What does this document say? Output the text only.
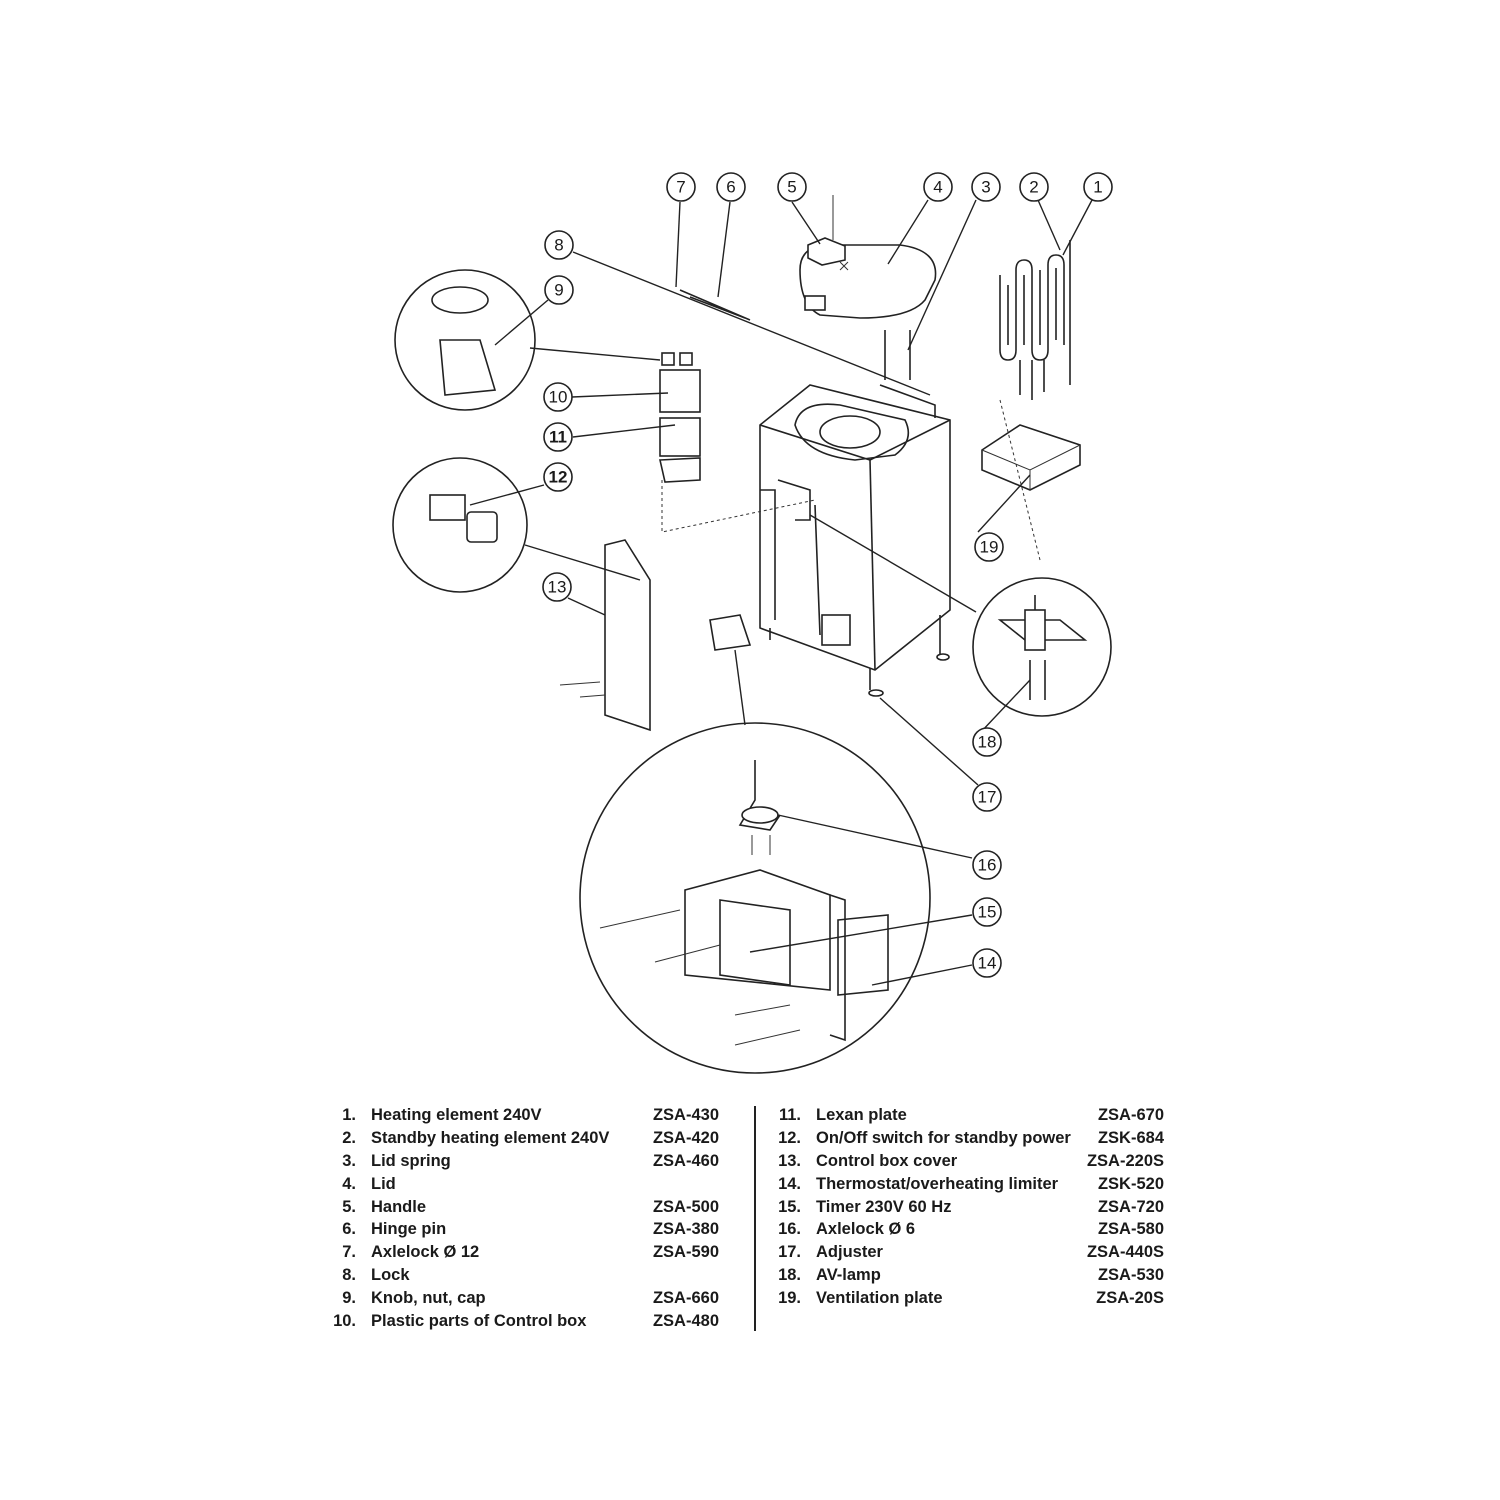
1
2
3
4
5
6
7
8
9
10
11
12
13
14
15
16
17
18
19
1. Heating element 240V	ZSA-430
2. Standby heating element 240V	ZSA-420
3. Lid spring	ZSA-460
4. Lid
5. Handle	ZSA-500
6. Hinge pin	ZSA-380
7. Axlelock Ø 12	ZSA-590
8. Lock
9. Knob, nut, cap	ZSA-660
10. Plastic parts of Control box	ZSA-480
11. Lexan plate	ZSA-670
12. On/Off switch for standby power	ZSK-684
13. Control box cover	ZSA-220S
14. Thermostat/overheating limiter	ZSK-520
15. Timer 230V 60 Hz	ZSA-720
16. Axlelock Ø 6	ZSA-580
17. Adjuster	ZSA-440S
18. AV-lamp	ZSA-530
19. Ventilation plate	ZSA-20S
